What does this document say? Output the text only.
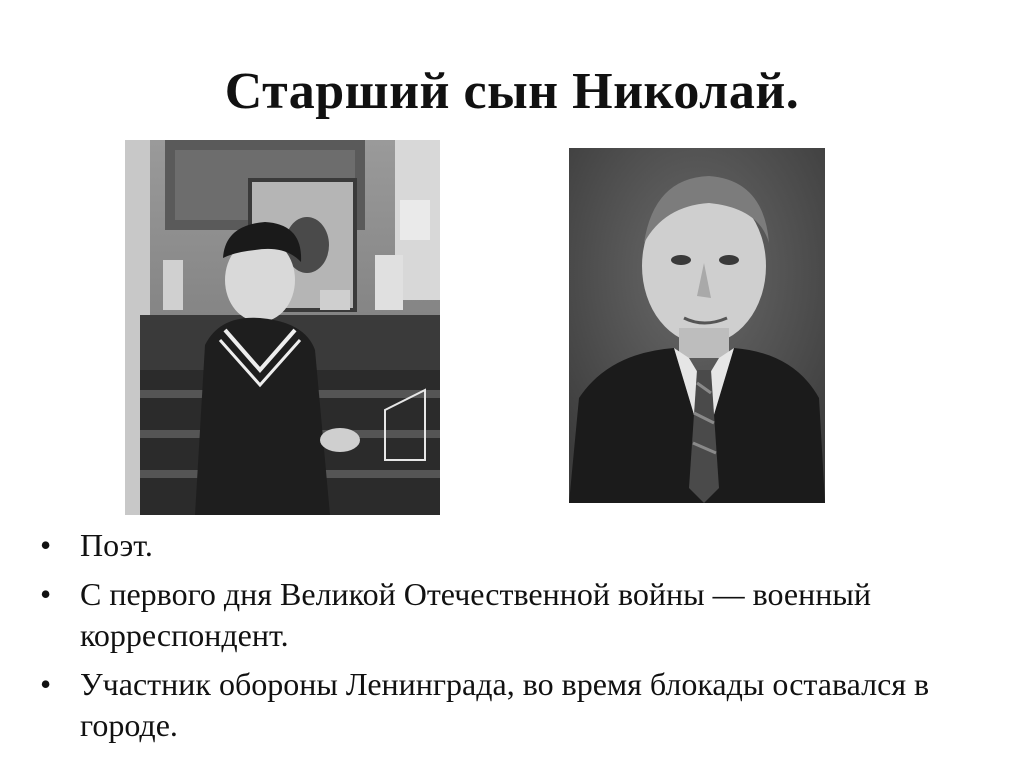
Старший сын Николай.
• Поэт.
• С первого дня Великой Отечественной войны — военный корреспондент.
• Участник обороны Ленинграда, во время блокады оставался в городе.
